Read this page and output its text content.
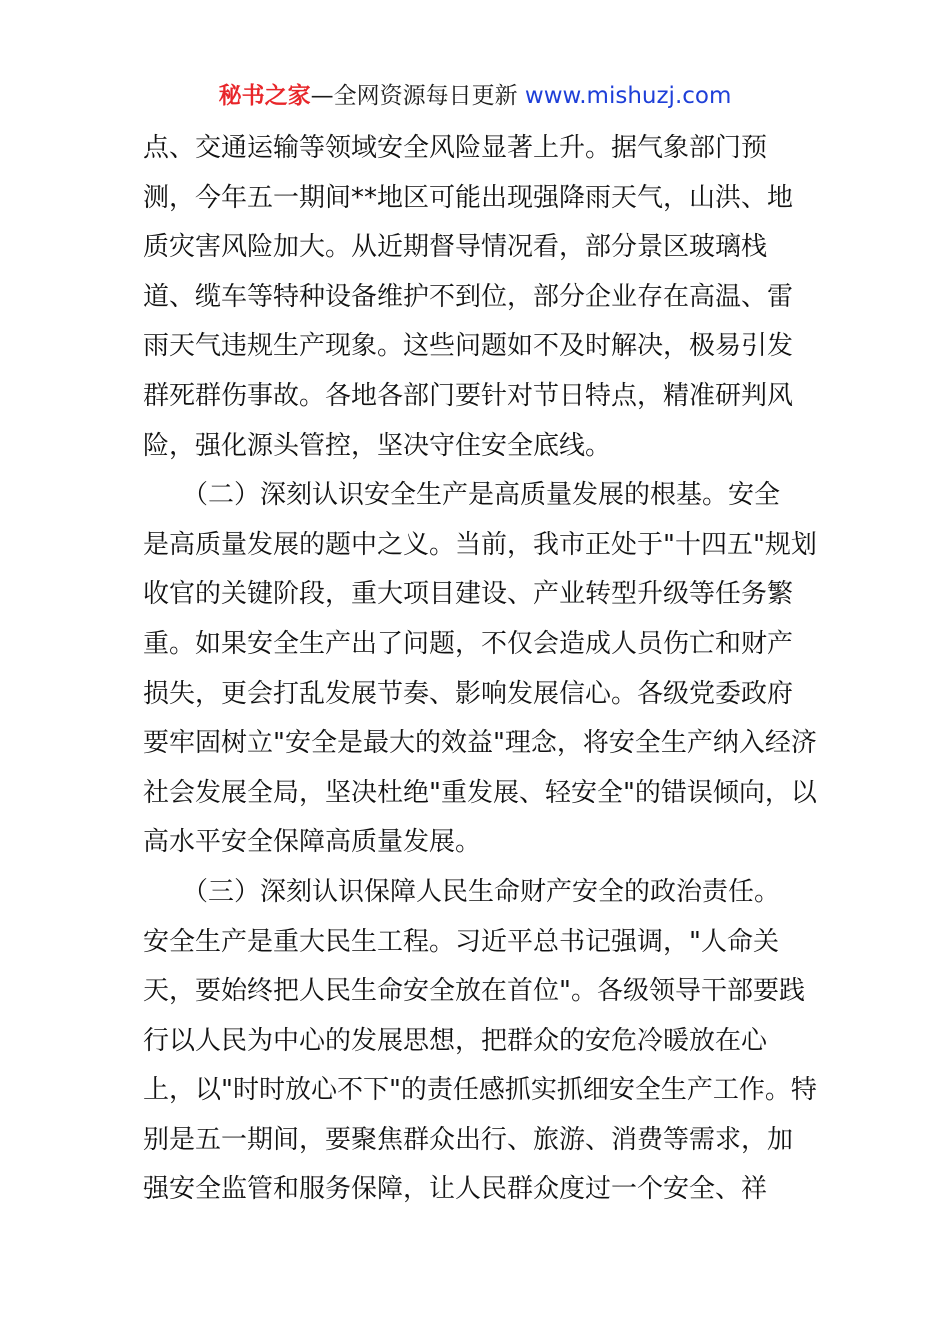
秘书之家—全网资源每日更新 www.mishuzj.com
点、交通运输等领域安全风险显著上升。据气象部门预
测，今年五一期间**地区可能出现强降雨天气，山洪、地
质灾害风险加大。从近期督导情况看，部分景区玻璃栈
道、缆车等特种设备维护不到位，部分企业存在高温、雷
雨天气违规生产现象。这些问题如不及时解决，极易引发
群死群伤事故。各地各部门要针对节日特点，精准研判风
险，强化源头管控，坚决守住安全底线。
　　（二）深刻认识安全生产是高质量发展的根基。安全
是高质量发展的题中之义。当前，我市正处于"十四五"规划
收官的关键阶段，重大项目建设、产业转型升级等任务繁
重。如果安全生产出了问题，不仅会造成人员伤亡和财产
损失，更会打乱发展节奏、影响发展信心。各级党委政府
要牢固树立"安全是最大的效益"理念，将安全生产纳入经济
社会发展全局，坚决杜绝"重发展、轻安全"的错误倾向，以
高水平安全保障高质量发展。
　　（三）深刻认识保障人民生命财产安全的政治责任。
安全生产是重大民生工程。习近平总书记强调，"人命关
天，要始终把人民生命安全放在首位"。各级领导干部要践
行以人民为中心的发展思想，把群众的安危冷暖放在心
上，以"时时放心不下"的责任感抓实抓细安全生产工作。特
别是五一期间，要聚焦群众出行、旅游、消费等需求，加
强安全监管和服务保障，让人民群众度过一个安全、祥
